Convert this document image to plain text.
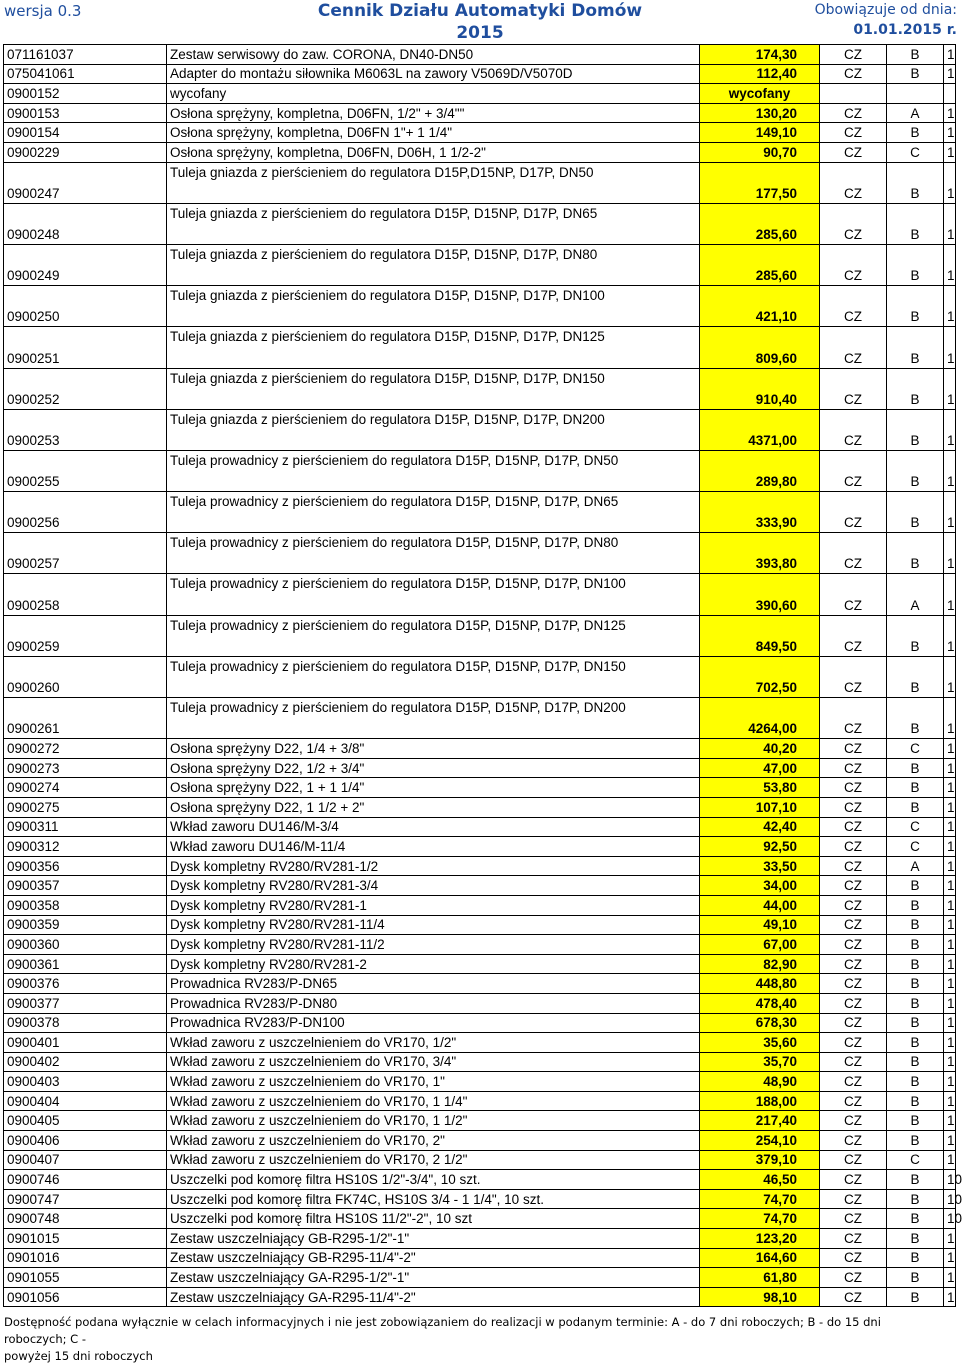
wersja 0.3	Cennik Działu Automatyki Domów
2015
Obowiązuje od dnia:
01.01.2015 r.
071161037	Zestaw serwisowy do zaw. CORONA, DN40-DN50	174,30	CZ	B	1
075041061	Adapter do montażu siłownika M6063L na zawory V5069D/V5070D	112,40	CZ	B	1
0900152	wycofany	wycofany			
0900153	Osłona sprężyny, kompletna, D06FN, 1/2" + 3/4""	130,20	CZ	A	1
0900154	Osłona sprężyny, kompletna, D06FN 1"+ 1 1/4"	149,10	CZ	B	1
0900229	Osłona sprężyny, kompletna, D06FN, D06H, 1 1/2-2"	90,70	CZ	C	1
0900247	Tuleja gniazda z pierścieniem do regulatora D15P,D15NP, D17P, DN50	177,50	CZ	B	1
0900248	Tuleja gniazda z pierścieniem do regulatora D15P, D15NP, D17P, DN65	285,60	CZ	B	1
0900249	Tuleja gniazda z pierścieniem do regulatora D15P, D15NP, D17P, DN80	285,60	CZ	B	1
0900250	Tuleja gniazda z pierścieniem do regulatora D15P, D15NP, D17P, DN100	421,10	CZ	B	1
0900251	Tuleja gniazda z pierścieniem do regulatora D15P, D15NP, D17P, DN125	809,60	CZ	B	1
0900252	Tuleja gniazda z pierścieniem do regulatora D15P, D15NP, D17P, DN150	910,40	CZ	B	1
0900253	Tuleja gniazda z pierścieniem do regulatora D15P, D15NP, D17P, DN200	4371,00	CZ	B	1
0900255	Tuleja prowadnicy z pierścieniem do regulatora D15P, D15NP, D17P, DN50	289,80	CZ	B	1
0900256	Tuleja prowadnicy z pierścieniem do regulatora D15P, D15NP, D17P, DN65	333,90	CZ	B	1
0900257	Tuleja prowadnicy z pierścieniem do regulatora D15P, D15NP, D17P, DN80	393,80	CZ	B	1
0900258	Tuleja prowadnicy z pierścieniem do regulatora D15P, D15NP, D17P, DN100	390,60	CZ	A	1
0900259	Tuleja prowadnicy z pierścieniem do regulatora D15P, D15NP, D17P, DN125	849,50	CZ	B	1
0900260	Tuleja prowadnicy z pierścieniem do regulatora D15P, D15NP, D17P, DN150	702,50	CZ	B	1
0900261	Tuleja prowadnicy z pierścieniem do regulatora D15P, D15NP, D17P, DN200	4264,00	CZ	B	1
0900272	Osłona sprężyny D22, 1/4 + 3/8"	40,20	CZ	C	1
0900273	Osłona sprężyny D22, 1/2 + 3/4"	47,00	CZ	B	1
0900274	Osłona sprężyny D22, 1 + 1 1/4"	53,80	CZ	B	1
0900275	Osłona sprężyny D22, 1 1/2 + 2"	107,10	CZ	B	1
0900311	Wkład zaworu DU146/M-3/4	42,40	CZ	C	1
0900312	Wkład zaworu DU146/M-11/4	92,50	CZ	C	1
0900356	Dysk kompletny RV280/RV281-1/2	33,50	CZ	A	1
0900357	Dysk kompletny RV280/RV281-3/4	34,00	CZ	B	1
0900358	Dysk kompletny RV280/RV281-1	44,00	CZ	B	1
0900359	Dysk kompletny RV280/RV281-11/4	49,10	CZ	B	1
0900360	Dysk kompletny RV280/RV281-11/2	67,00	CZ	B	1
0900361	Dysk kompletny RV280/RV281-2	82,90	CZ	B	1
0900376	Prowadnica RV283/P-DN65	448,80	CZ	B	1
0900377	Prowadnica RV283/P-DN80	478,40	CZ	B	1
0900378	Prowadnica RV283/P-DN100	678,30	CZ	B	1
0900401	Wkład zaworu z uszczelnieniem do VR170, 1/2"	35,60	CZ	B	1
0900402	Wkład zaworu z uszczelnieniem do VR170, 3/4"	35,70	CZ	B	1
0900403	Wkład zaworu z uszczelnieniem do VR170, 1"	48,90	CZ	B	1
0900404	Wkład zaworu z uszczelnieniem do VR170, 1 1/4"	188,00	CZ	B	1
0900405	Wkład zaworu z uszczelnieniem do VR170, 1 1/2"	217,40	CZ	B	1
0900406	Wkład zaworu z uszczelnieniem do VR170, 2"	254,10	CZ	B	1
0900407	Wkład zaworu z uszczelnieniem do VR170, 2 1/2"	379,10	CZ	C	1
0900746	Uszczelki pod komorę filtra HS10S 1/2"-3/4", 10 szt.	46,50	CZ	B	10
0900747	Uszczelki pod komorę filtra FK74C, HS10S 3/4 - 1 1/4", 10 szt.	74,70	CZ	B	10
0900748	Uszczelki pod komorę filtra HS10S 11/2"-2", 10 szt	74,70	CZ	B	10
0901015	Zestaw uszczelniający GB-R295-1/2"-1"	123,20	CZ	B	1
0901016	Zestaw uszczelniający GB-R295-11/4"-2"	164,60	CZ	B	1
0901055	Zestaw uszczelniający GA-R295-1/2"-1"	61,80	CZ	B	1
0901056	Zestaw uszczelniający GA-R295-11/4"-2"	98,10	CZ	B	1
Dostępność podana wyłącznie w celach informacyjnych i nie jest zobowiązaniem do realizacji w podanym terminie: A - do 7 dni roboczych; B - do 15 dni roboczych; C -
powyżej 15 dni roboczych
